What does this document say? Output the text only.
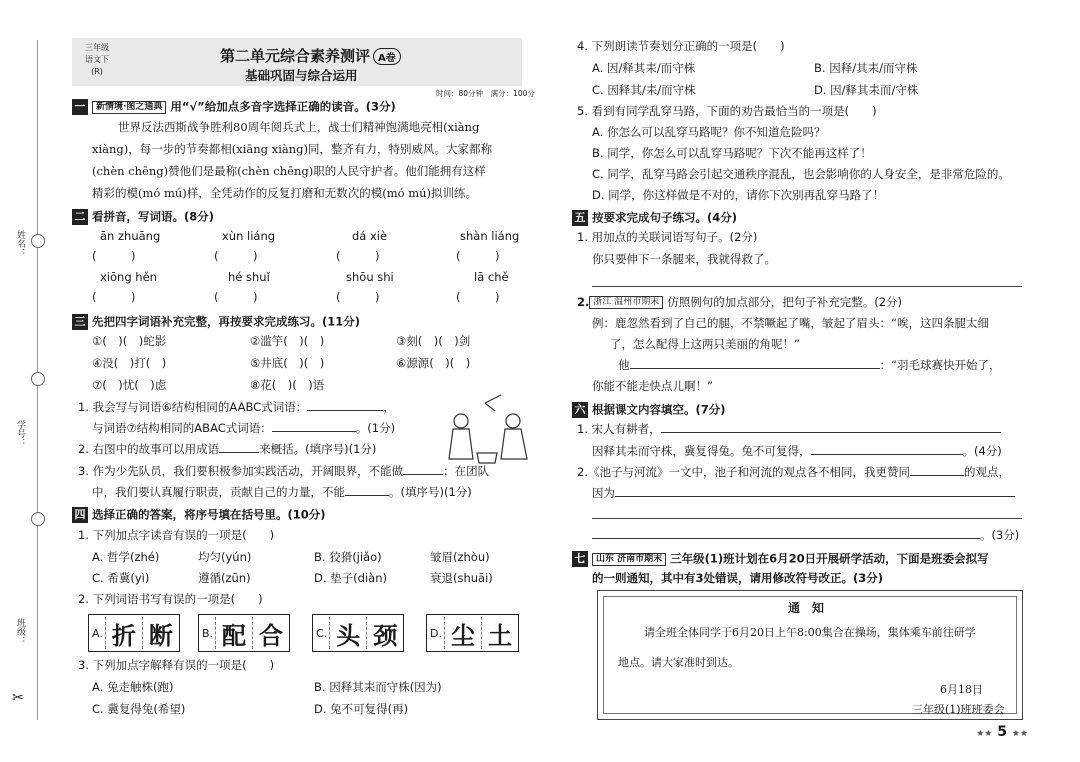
姓名：
学号：
班级：
✂
三年级
语文下
(R)
第二单元综合素养测评 A卷
基础巩固与综合运用
时间：80分钟　满分：100分
一 新情境·图之通典 用“√”给加点多音字选择正确的读音。(3分)
世界反法西斯战争胜利80周年阅兵式上，战士们精神饱满地亮相(xiàng
xiàng)，每一步的节奏都相(xiāng xiàng)同，整齐有力，特别威风。大家都称
(chèn chēng)赞他们是最称(chèn chēng)职的人民守护者。他们能拥有这样
精彩的模(mó mú)样，全凭动作的反复打磨和无数次的模(mó mú)拟训练。
二 看拼音，写词语。(8分)
ān zhuāng	xùn liáng	dá xiè	shàn liáng
(　　　)	(　　　)	(　　　)	(　　　)
xiōng hěn	hé shuǐ	shōu shi	lā chě
(　　　)	(　　　)	(　　　)	(　　　)
三 先把四字词语补充完整，再按要求完成练习。(11分)
①(　)(　)蛇影	②滥竽(　)(　)	③刻(　)(　)剑
④没(　)打(　)	⑤井底(　)(　)	⑥源源(　)(　)
⑦(　)忧(　)虑	⑧花(　)(　)语
1. 我会写与词语⑥结构相同的AABC式词语：	，
与词语⑦结构相同的ABAC式词语：	。(1分)
2. 右图中的故事可以用成语	来概括。(填序号)(1分)
3. 作为少先队员，我们要积极参加实践活动，开阔眼界，不能做	；在团队
中，我们要认真履行职责，贡献自己的力量，不能	。(填序号)(1分)
四 选择正确的答案，将序号填在括号里。(10分)
1. 下列加点字读音有误的一项是(　　)
A. 哲学(zhé)	均匀(yún)	B. 狡猾(jiǎo)	皱眉(zhòu)
C. 希冀(yì)	遵循(zūn)	D. 垫子(diàn)	衰退(shuāi)
2. 下列词语书写有误的一项是(　　)
A. 折 断	B. 配 合	C. 头 颈	D. 尘 土
3. 下列加点字解释有误的一项是(　　)
A. 兔走触株(跑)	B. 因释其耒而守株(因为)
C. 冀复得兔(希望)	D. 兔不可复得(再)
4. 下列朗读节奏划分正确的一项是(　　)
A. 因/释其耒/而守株	B. 因释/其耒/而守株
C. 因释其/耒/而守株	D. 因/释其耒而/守株
5. 看到有同学乱穿马路，下面的劝告最恰当的一项是(　　)
A. 你怎么可以乱穿马路呢？你不知道危险吗？
B. 同学，你怎么可以乱穿马路呢？下次不能再这样了！
C. 同学，乱穿马路会引起交通秩序混乱，也会影响你的人身安全，是非常危险的。
D. 同学，你这样做是不对的，请你下次别再乱穿马路了！
五 按要求完成句子练习。(4分)
1. 用加点的关联词语写句子。(2分)
你只要伸下一条腿来，我就得救了。
2. 浙江 温州市期末 仿照例句的加点部分，把句子补充完整。(2分)
例：鹿忽然看到了自己的腿，不禁噘起了嘴，皱起了眉头：“唉，这四条腿太细
了，怎么配得上这两只美丽的角呢！”
他	：“羽毛球赛快开始了，
你能不能走快点儿啊！”
六 根据课文内容填空。(7分)
1. 宋人有耕者，
因释其耒而守株，冀复得兔。兔不可复得，	。(4分)
2.《池子与河流》一文中，池子和河流的观点各不相同，我更赞同	的观点，
因为
。(3分)
七 山东 济南市期末 三年级(1)班计划在6月20日开展研学活动，下面是班委会拟写
的一则通知，其中有3处错误，请用修改符号改正。(3分)
通　知
请全班全体同学于6月20日上午8:00集合在操场，集体乘车前往研学
地点。请大家准时到达。
6月18日
三年级(1)班班委会
★★ 5 ★★
